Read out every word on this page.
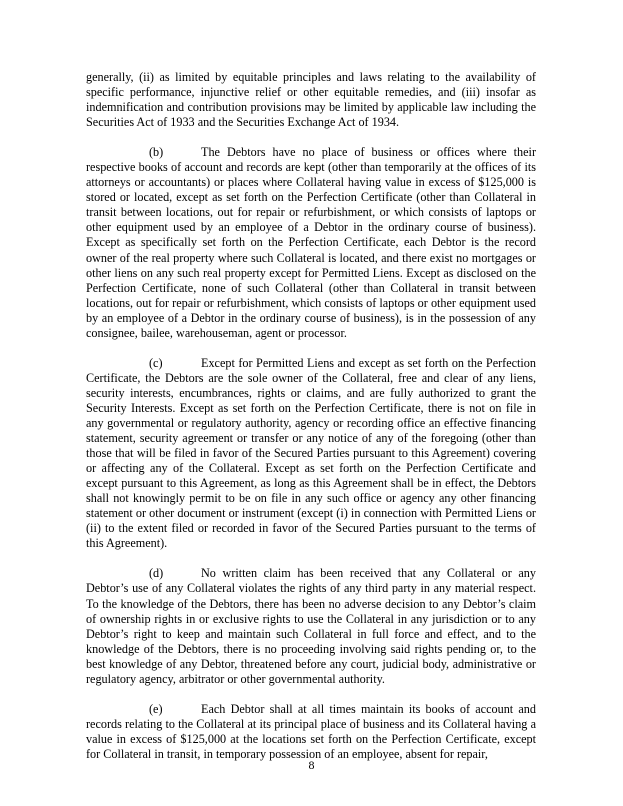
generally, (ii) as limited by equitable principles and laws relating to the availability of specific performance, injunctive relief or other equitable remedies, and (iii) insofar as indemnification and contribution provisions may be limited by applicable law including the Securities Act of 1933 and the Securities Exchange Act of 1934.

(b)	The Debtors have no place of business or offices where their respective books of account and records are kept (other than temporarily at the offices of its attorneys or accountants) or places where Collateral having value in excess of $125,000 is stored or located, except as set forth on the Perfection Certificate (other than Collateral in transit between locations, out for repair or refurbishment, or which consists of laptops or other equipment used by an employee of a Debtor in the ordinary course of business). Except as specifically set forth on the Perfection Certificate, each Debtor is the record owner of the real property where such Collateral is located, and there exist no mortgages or other liens on any such real property except for Permitted Liens. Except as disclosed on the Perfection Certificate, none of such Collateral (other than Collateral in transit between locations, out for repair or refurbishment, which consists of laptops or other equipment used by an employee of a Debtor in the ordinary course of business), is in the possession of any consignee, bailee, warehouseman, agent or processor.

(c)	Except for Permitted Liens and except as set forth on the Perfection Certificate, the Debtors are the sole owner of the Collateral, free and clear of any liens, security interests, encumbrances, rights or claims, and are fully authorized to grant the Security Interests. Except as set forth on the Perfection Certificate, there is not on file in any governmental or regulatory authority, agency or recording office an effective financing statement, security agreement or transfer or any notice of any of the foregoing (other than those that will be filed in favor of the Secured Parties pursuant to this Agreement) covering or affecting any of the Collateral. Except as set forth on the Perfection Certificate and except pursuant to this Agreement, as long as this Agreement shall be in effect, the Debtors shall not knowingly permit to be on file in any such office or agency any other financing statement or other document or instrument (except (i) in connection with Permitted Liens or (ii) to the extent filed or recorded in favor of the Secured Parties pursuant to the terms of this Agreement).

(d)	No written claim has been received that any Collateral or any Debtor’s use of any Collateral violates the rights of any third party in any material respect. To the knowledge of the Debtors, there has been no adverse decision to any Debtor’s claim of ownership rights in or exclusive rights to use the Collateral in any jurisdiction or to any Debtor’s right to keep and maintain such Collateral in full force and effect, and to the knowledge of the Debtors, there is no proceeding involving said rights pending or, to the best knowledge of any Debtor, threatened before any court, judicial body, administrative or regulatory agency, arbitrator or other governmental authority.

(e)	Each Debtor shall at all times maintain its books of account and records relating to the Collateral at its principal place of business and its Collateral having a value in excess of $125,000 at the locations set forth on the Perfection Certificate, except for Collateral in transit, in temporary possession of an employee, absent for repair,

8
